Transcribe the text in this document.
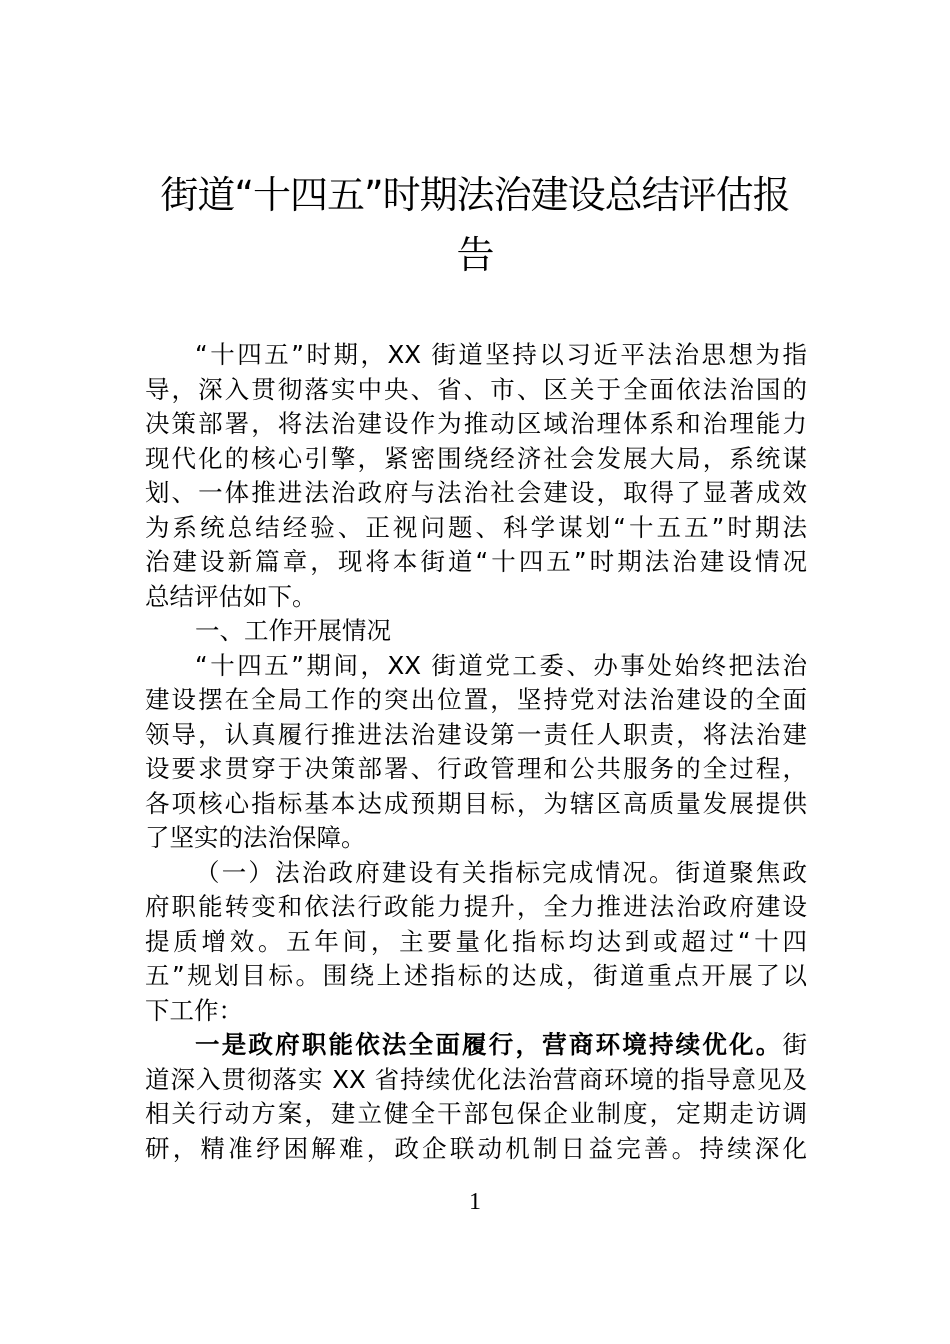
街道“十四五”时期法治建设总结评估报
告
“十四五”时期，XX 街道坚持以习近平法治思想为指
导，深入贯彻落实中央、省、市、区关于全面依法治国的
决策部署，将法治建设作为推动区域治理体系和治理能力
现代化的核心引擎，紧密围绕经济社会发展大局，系统谋
划、一体推进法治政府与法治社会建设，取得了显著成效
为系统总结经验、正视问题、科学谋划“十五五”时期法
治建设新篇章，现将本街道“十四五”时期法治建设情况
总结评估如下。
一、工作开展情况
“十四五”期间，XX 街道党工委、办事处始终把法治
建设摆在全局工作的突出位置，坚持党对法治建设的全面
领导，认真履行推进法治建设第一责任人职责，将法治建
设要求贯穿于决策部署、行政管理和公共服务的全过程，
各项核心指标基本达成预期目标，为辖区高质量发展提供
了坚实的法治保障。
（一）法治政府建设有关指标完成情况。街道聚焦政
府职能转变和依法行政能力提升，全力推进法治政府建设
提质增效。五年间，主要量化指标均达到或超过“十四
五”规划目标。围绕上述指标的达成，街道重点开展了以
下工作：
一是政府职能依法全面履行，营商环境持续优化。街
道深入贯彻落实 XX 省持续优化法治营商环境的指导意见及
相关行动方案，建立健全干部包保企业制度，定期走访调
研，精准纾困解难，政企联动机制日益完善。持续深化
1
